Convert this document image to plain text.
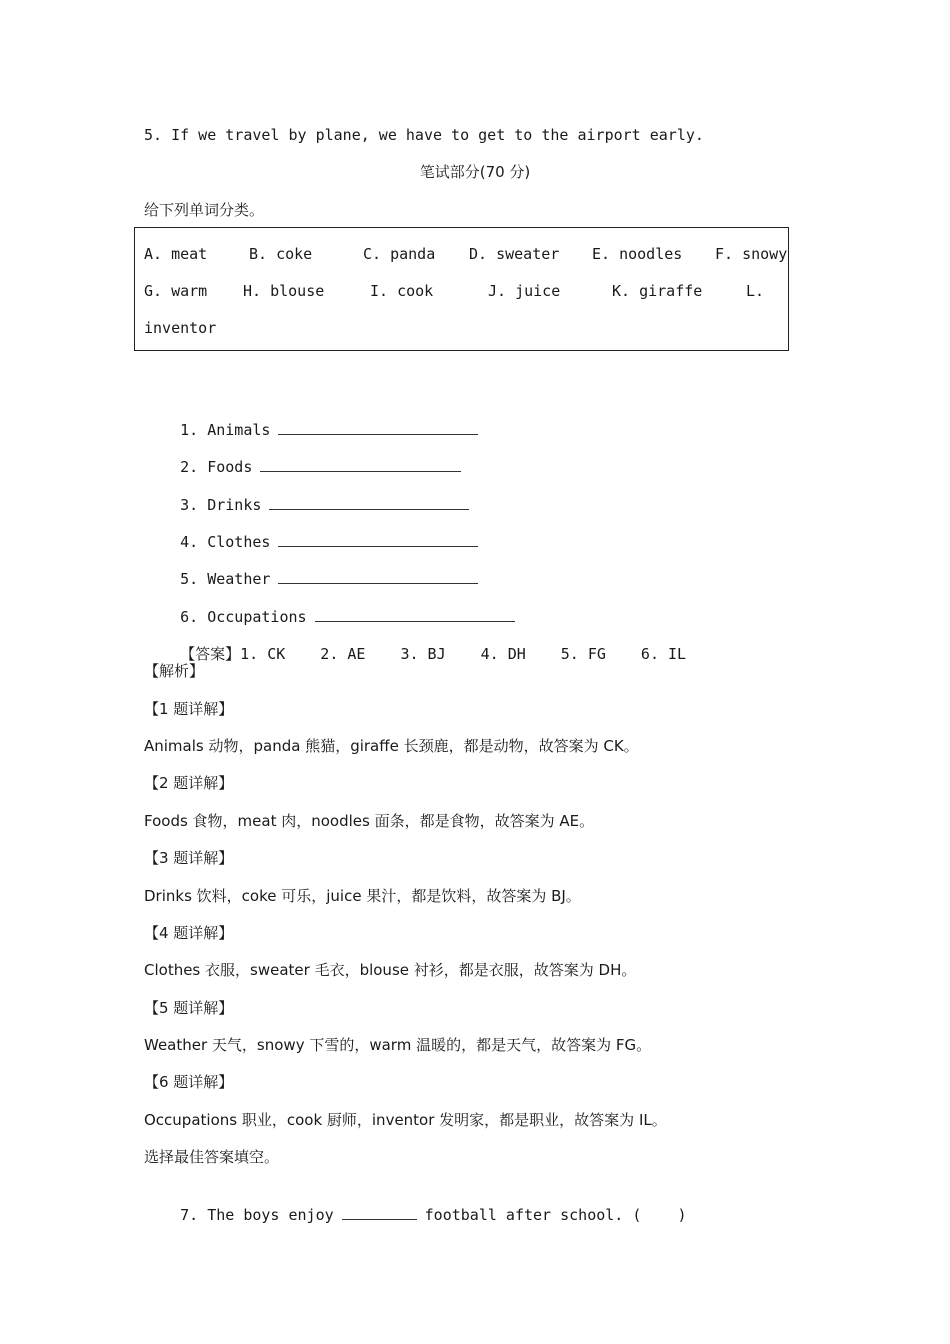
5. If we travel by plane, we have to get to the airport early.
笔试部分(70 分)
给下列单词分类。
A. meat	B. coke	C. panda D. sweater E. noodles F. snowy
G. warm H. blouse	I. cook	J. juice	K. giraffe	L.
inventor

1. Animals

2. Foods

3. Drinks

4. Clothes

5. Weather

6. Occupations

【答案】1. CK 2. AE 3. BJ 4. DH 5. FG 6. IL

【解析】
【1 题详解】
Animals 动物，panda 熊猫，giraffe 长颈鹿，都是动物，故答案为 CK。
【2 题详解】
Foods 食物，meat 肉，noodles 面条，都是食物，故答案为 AE。
【3 题详解】
Drinks 饮料，coke 可乐，juice 果汁，都是饮料，故答案为 BJ。
【4 题详解】
Clothes 衣服，sweater 毛衣，blouse 衬衫，都是衣服，故答案为 DH。
【5 题详解】
Weather 天气，snowy 下雪的，warm 温暖的，都是天气，故答案为 FG。
【6 题详解】
Occupations 职业，cook 厨师，inventor 发明家，都是职业，故答案为 IL。
选择最佳答案填空。

7. The boys enjoy	football after school. (    )
